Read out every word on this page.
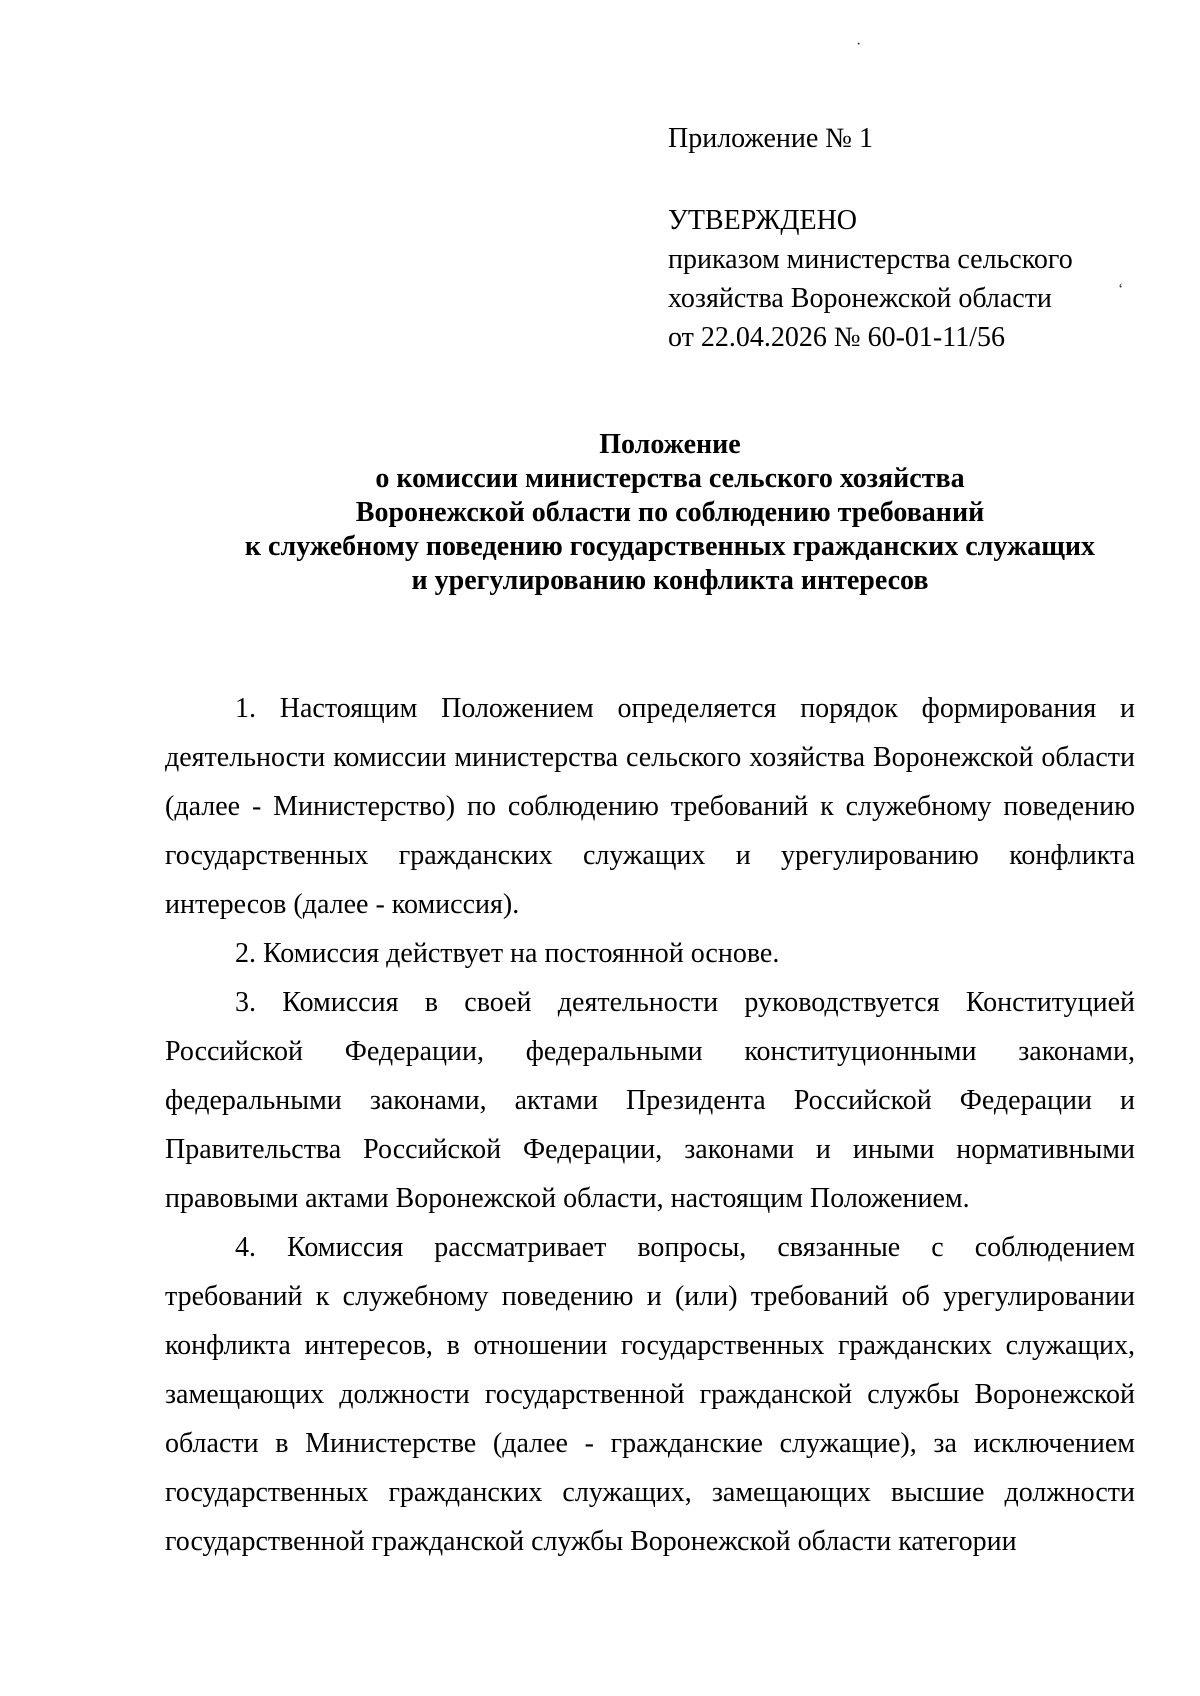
·
‘
Приложение № 1
УТВЕРЖДЕНО
приказом министерства сельского
хозяйства Воронежской области
от 22.04.2026 № 60-01-11/56
Положение
о комиссии министерства сельского хозяйства
Воронежской области по соблюдению требований
к служебному поведению государственных гражданских служащих
и урегулированию конфликта интересов

1. Настоящим Положением определяется порядок формирования и деятельности комиссии министерства сельского хозяйства Воронежской области (далее - Министерство) по соблюдению требований к служебному поведению государственных гражданских служащих и урегулированию конфликта интересов (далее - комиссия).

2. Комиссия действует на постоянной основе.

3. Комиссия в своей деятельности руководствуется Конституцией Российской Федерации, федеральными конституционными законами, федеральными законами, актами Президента Российской Федерации и Правительства Российской Федерации, законами и иными нормативными правовыми актами Воронежской области, настоящим Положением.

4. Комиссия рассматривает вопросы, связанные с соблюдением требований к служебному поведению и (или) требований об урегулировании конфликта интересов, в отношении государственных гражданских служащих, замещающих должности государственной гражданской службы Воронежской области в Министерстве (далее - гражданские служащие), за исключением государственных гражданских служащих, замещающих высшие должности государственной гражданской службы Воронежской области категории
